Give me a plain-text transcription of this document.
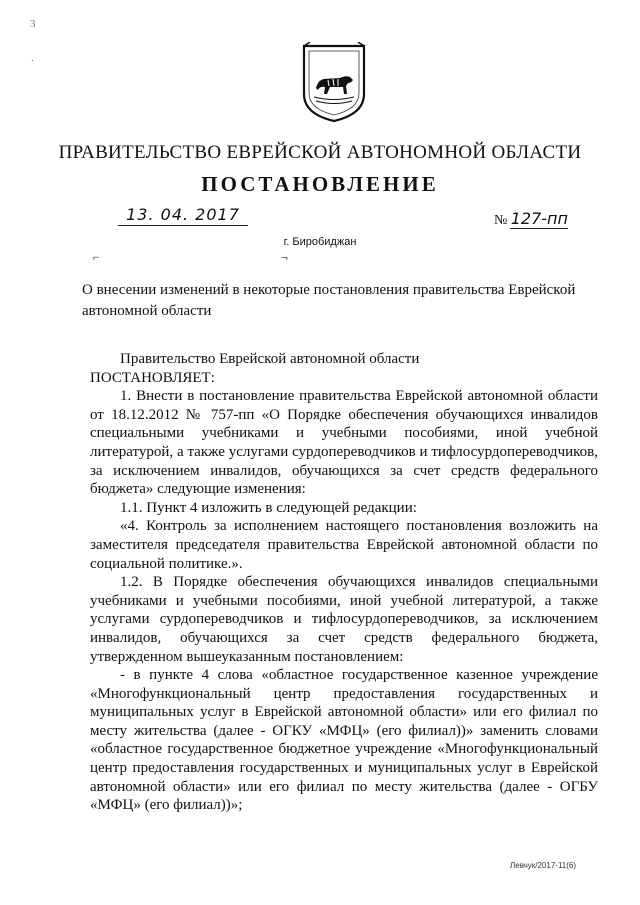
3
.
ПРАВИТЕЛЬСТВО ЕВРЕЙСКОЙ АВТОНОМНОЙ ОБЛАСТИ
ПОСТАНОВЛЕНИЕ
13. 04. 2017	№ 127-пп
г. Биробиджан
⌐	¬
О внесении изменений в некоторые постановления правительства Еврейской автономной области

Правительство Еврейской автономной области

ПОСТАНОВЛЯЕТ:

1. Внести в постановление правительства Еврейской автономной области от 18.12.2012 № 757-пп «О Порядке обеспечения обучающихся инвалидов специальными учебниками и учебными пособиями, иной учебной литературой, а также услугами сурдопереводчиков и тифлосурдопереводчиков, за исключением инвалидов, обучающихся за счет средств федерального бюджета» следующие изменения:

1.1. Пункт 4 изложить в следующей редакции:

«4. Контроль за исполнением настоящего постановления возложить на заместителя председателя правительства Еврейской автономной области по социальной политике.».

1.2. В Порядке обеспечения обучающихся инвалидов специальными учебниками и учебными пособиями, иной учебной литературой, а также услугами сурдопереводчиков и тифлосурдопереводчиков, за исключением инвалидов, обучающихся за счет средств федерального бюджета, утвержденном вышеуказанным постановлением:

- в пункте 4 слова «областное государственное казенное учреждение «Многофункциональный центр предоставления государственных и муниципальных услуг в Еврейской автономной области» или его филиал по месту жительства (далее - ОГКУ «МФЦ» (его филиал))» заменить словами «областное государственное бюджетное учреждение «Многофункциональный центр предоставления государственных и муниципальных услуг в Еврейской автономной области» или его филиал по месту жительства (далее - ОГБУ «МФЦ» (его филиал))»;

Левчук/2017-11(6)
